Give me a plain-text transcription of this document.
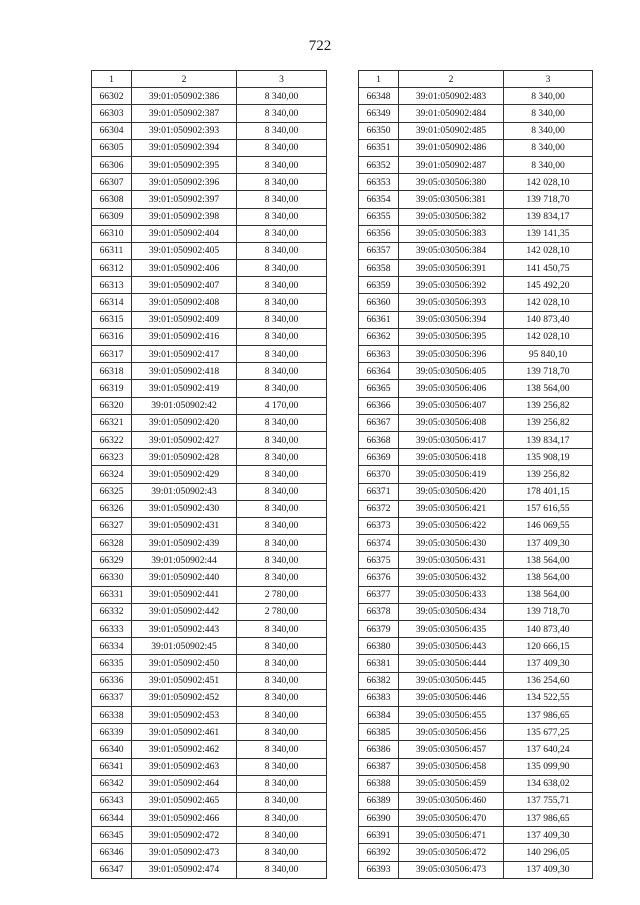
722
1	2	3
66302	39:01:050902:386	8 340,00
66303	39:01:050902:387	8 340,00
66304	39:01:050902:393	8 340,00
66305	39:01:050902:394	8 340,00
66306	39:01:050902:395	8 340,00
66307	39:01:050902:396	8 340,00
66308	39:01:050902:397	8 340,00
66309	39:01:050902:398	8 340,00
66310	39:01:050902:404	8 340,00
66311	39:01:050902:405	8 340,00
66312	39:01:050902:406	8 340,00
66313	39:01:050902:407	8 340,00
66314	39:01:050902:408	8 340,00
66315	39:01:050902:409	8 340,00
66316	39:01:050902:416	8 340,00
66317	39:01:050902:417	8 340,00
66318	39:01:050902:418	8 340,00
66319	39:01:050902:419	8 340,00
66320	39:01:050902:42	4 170,00
66321	39:01:050902:420	8 340,00
66322	39:01:050902:427	8 340,00
66323	39:01:050902:428	8 340,00
66324	39:01:050902:429	8 340,00
66325	39:01:050902:43	8 340,00
66326	39:01:050902:430	8 340,00
66327	39:01:050902:431	8 340,00
66328	39:01:050902:439	8 340,00
66329	39:01:050902:44	8 340,00
66330	39:01:050902:440	8 340,00
66331	39:01:050902:441	2 780,00
66332	39:01:050902:442	2 780,00
66333	39:01:050902:443	8 340,00
66334	39:01:050902:45	8 340,00
66335	39:01:050902:450	8 340,00
66336	39:01:050902:451	8 340,00
66337	39:01:050902:452	8 340,00
66338	39:01:050902:453	8 340,00
66339	39:01:050902:461	8 340,00
66340	39:01:050902:462	8 340,00
66341	39:01:050902:463	8 340,00
66342	39:01:050902:464	8 340,00
66343	39:01:050902:465	8 340,00
66344	39:01:050902:466	8 340,00
66345	39:01:050902:472	8 340,00
66346	39:01:050902:473	8 340,00
66347	39:01:050902:474	8 340,00
1	2	3
66348	39:01:050902:483	8 340,00
66349	39:01:050902:484	8 340,00
66350	39:01:050902:485	8 340,00
66351	39:01:050902:486	8 340,00
66352	39:01:050902:487	8 340,00
66353	39:05:030506:380	142 028,10
66354	39:05:030506:381	139 718,70
66355	39:05:030506:382	139 834,17
66356	39:05:030506:383	139 141,35
66357	39:05:030506:384	142 028,10
66358	39:05:030506:391	141 450,75
66359	39:05:030506:392	145 492,20
66360	39:05:030506:393	142 028,10
66361	39:05:030506:394	140 873,40
66362	39:05:030506:395	142 028,10
66363	39:05:030506:396	95 840,10
66364	39:05:030506:405	139 718,70
66365	39:05:030506:406	138 564,00
66366	39:05:030506:407	139 256,82
66367	39:05:030506:408	139 256,82
66368	39:05:030506:417	139 834,17
66369	39:05:030506:418	135 908,19
66370	39:05:030506:419	139 256,82
66371	39:05:030506:420	178 401,15
66372	39:05:030506:421	157 616,55
66373	39:05:030506:422	146 069,55
66374	39:05:030506:430	137 409,30
66375	39:05:030506:431	138 564,00
66376	39:05:030506:432	138 564,00
66377	39:05:030506:433	138 564,00
66378	39:05:030506:434	139 718,70
66379	39:05:030506:435	140 873,40
66380	39:05:030506:443	120 666,15
66381	39:05:030506:444	137 409,30
66382	39:05:030506:445	136 254,60
66383	39:05:030506:446	134 522,55
66384	39:05:030506:455	137 986,65
66385	39:05:030506:456	135 677,25
66386	39:05:030506:457	137 640,24
66387	39:05:030506:458	135 099,90
66388	39:05:030506:459	134 638,02
66389	39:05:030506:460	137 755,71
66390	39:05:030506:470	137 986,65
66391	39:05:030506:471	137 409,30
66392	39:05:030506:472	140 296,05
66393	39:05:030506:473	137 409,30
